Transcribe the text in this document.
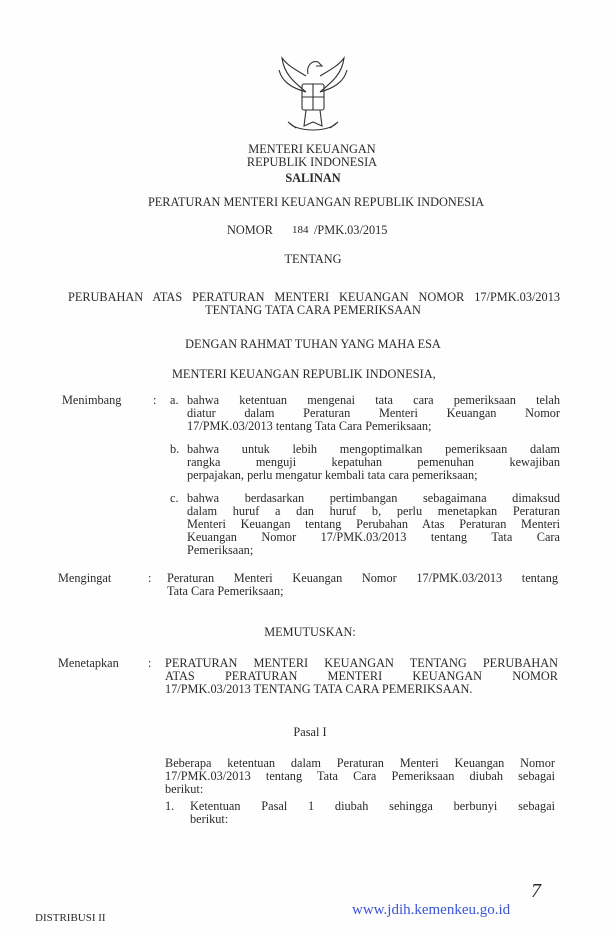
MENTERI KEUANGAN
REPUBLIK INDONESIA
SALINAN
PERATURAN MENTERI KEUANGAN REPUBLIK INDONESIA
NOMOR 184 /PMK.03/2015
TENTANG
PERUBAHAN ATAS PERATURAN MENTERI KEUANGAN NOMOR 17/PMK.03/2013
TENTANG TATA CARA PEMERIKSAAN
DENGAN RAHMAT TUHAN YANG MAHA ESA
MENTERI KEUANGAN REPUBLIK INDONESIA,
Menimbang	: a. bahwa ketentuan mengenai tata cara pemeriksaan telah
diatur dalam Peraturan Menteri Keuangan Nomor
17/PMK.03/2013 tentang Tata Cara Pemeriksaan;
b. bahwa untuk lebih mengoptimalkan pemeriksaan dalam
rangka menguji kepatuhan pemenuhan kewajiban
perpajakan, perlu mengatur kembali tata cara pemeriksaan;
c. bahwa berdasarkan pertimbangan sebagaimana dimaksud
dalam huruf a dan huruf b, perlu menetapkan Peraturan
Menteri Keuangan tentang Perubahan Atas Peraturan Menteri
Keuangan Nomor 17/PMK.03/2013 tentang Tata Cara
Pemeriksaan;
Mengingat	: Peraturan Menteri Keuangan Nomor 17/PMK.03/2013 tentang
Tata Cara Pemeriksaan;
MEMUTUSKAN:
Menetapkan : PERATURAN MENTERI KEUANGAN TENTANG PERUBAHAN
ATAS PERATURAN MENTERI KEUANGAN NOMOR
17/PMK.03/2013 TENTANG TATA CARA PEMERIKSAAN.
Pasal I
Beberapa ketentuan dalam Peraturan Menteri Keuangan Nomor
17/PMK.03/2013 tentang Tata Cara Pemeriksaan diubah sebagai
berikut:
1. Ketentuan Pasal 1 diubah sehingga berbunyi sebagai
berikut:
7
DISTRIBUSI II	www.jdih.kemenkeu.go.id
